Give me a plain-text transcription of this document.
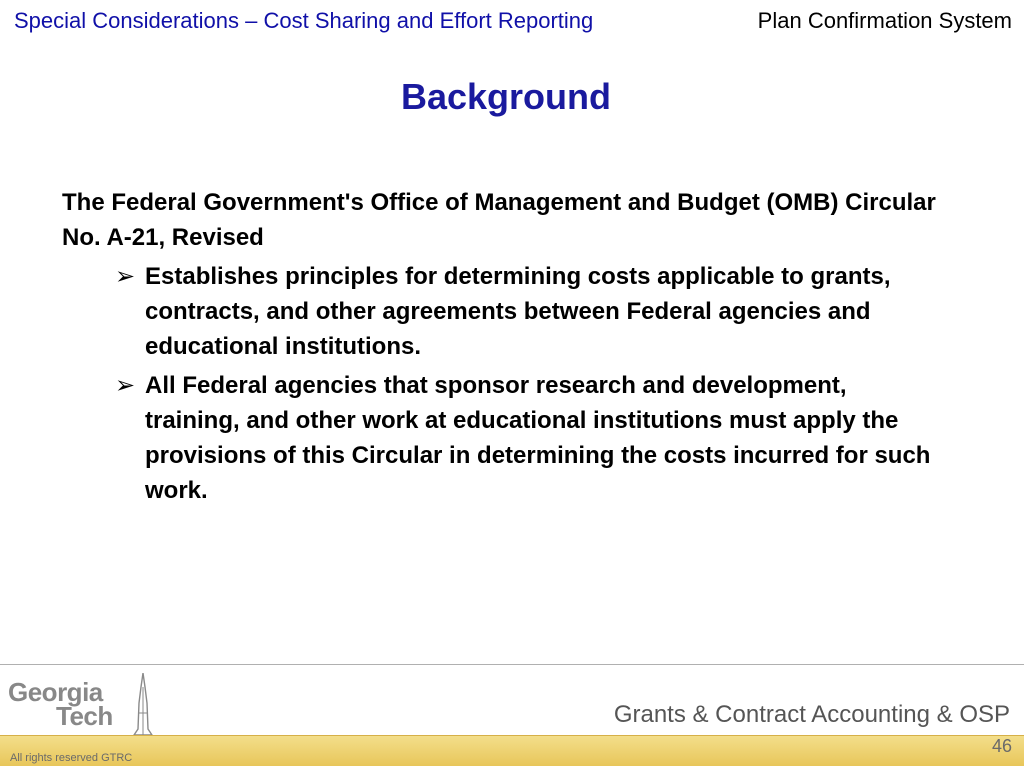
Special Considerations – Cost Sharing and Effort Reporting	Plan Confirmation System
Background

The Federal Government's Office of Management and Budget (OMB) Circular No. A-21, Revised

➢ Establishes principles for determining costs applicable to grants, contracts, and other agreements between Federal agencies and educational institutions.
➢ All Federal agencies that sponsor research and development, training, and other work at educational institutions must apply the provisions of this Circular in determining the costs incurred for such work.
Georgia
Tech	Grants & Contract Accounting & OSP
All rights reserved GTRC
46
